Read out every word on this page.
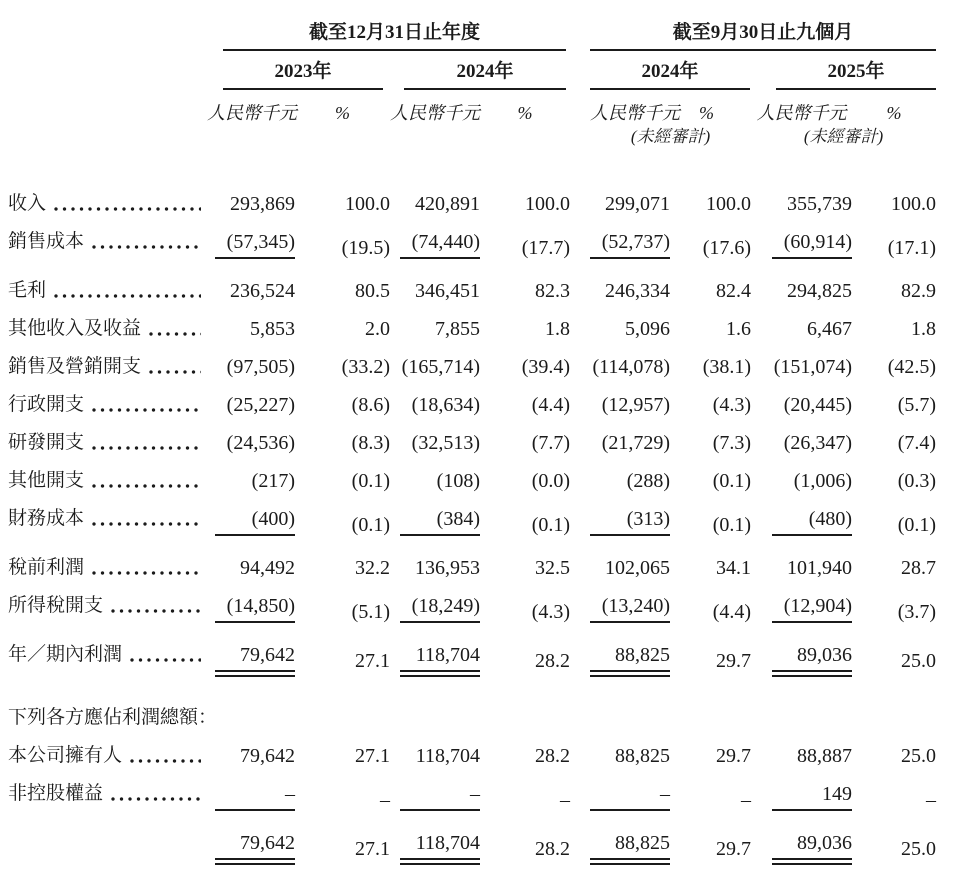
	截至12月31日止年度					截至9月30日止九個月			

	2023年		2024年			2024年		2025年	

	人民幣千元	%	人民幣千元	%		人民幣千元	%	人民幣千元	%
						(未經審計)		(未經審計)	

收入	293,869	100.0	420,891	100.0		299,071	100.0	355,739	100.0

銷售成本	(57,345)	(19.5)	(74,440)	(17.7)		(52,737)	(17.6)	(60,914)	(17.1)

毛利	236,524	80.5	346,451	82.3		246,334	82.4	294,825	82.9

其他收入及收益	5,853	2.0	7,855	1.8		5,096	1.6	6,467	1.8

銷售及營銷開支	(97,505)	(33.2)	(165,714)	(39.4)		(114,078)	(38.1)	(151,074)	(42.5)

行政開支	(25,227)	(8.6)	(18,634)	(4.4)		(12,957)	(4.3)	(20,445)	(5.7)

研發開支	(24,536)	(8.3)	(32,513)	(7.7)		(21,729)	(7.3)	(26,347)	(7.4)

其他開支	(217)	(0.1)	(108)	(0.0)		(288)	(0.1)	(1,006)	(0.3)

財務成本	(400)	(0.1)	(384)	(0.1)		(313)	(0.1)	(480)	(0.1)

稅前利潤	94,492	32.2	136,953	32.5		102,065	34.1	101,940	28.7

所得稅開支	(14,850)	(5.1)	(18,249)	(4.3)		(13,240)	(4.4)	(12,904)	(3.7)

年／期內利潤	79,642	27.1	118,704	28.2		88,825	29.7	89,036	25.0

下列各方應佔利潤總額：

本公司擁有人	79,642	27.1	118,704	28.2		88,825	29.7	88,887	25.0

非控股權益	–	–	–	–		–	–	149	–

79,642	27.1	118,704	28.2		88,825	29.7	89,036	25.0
